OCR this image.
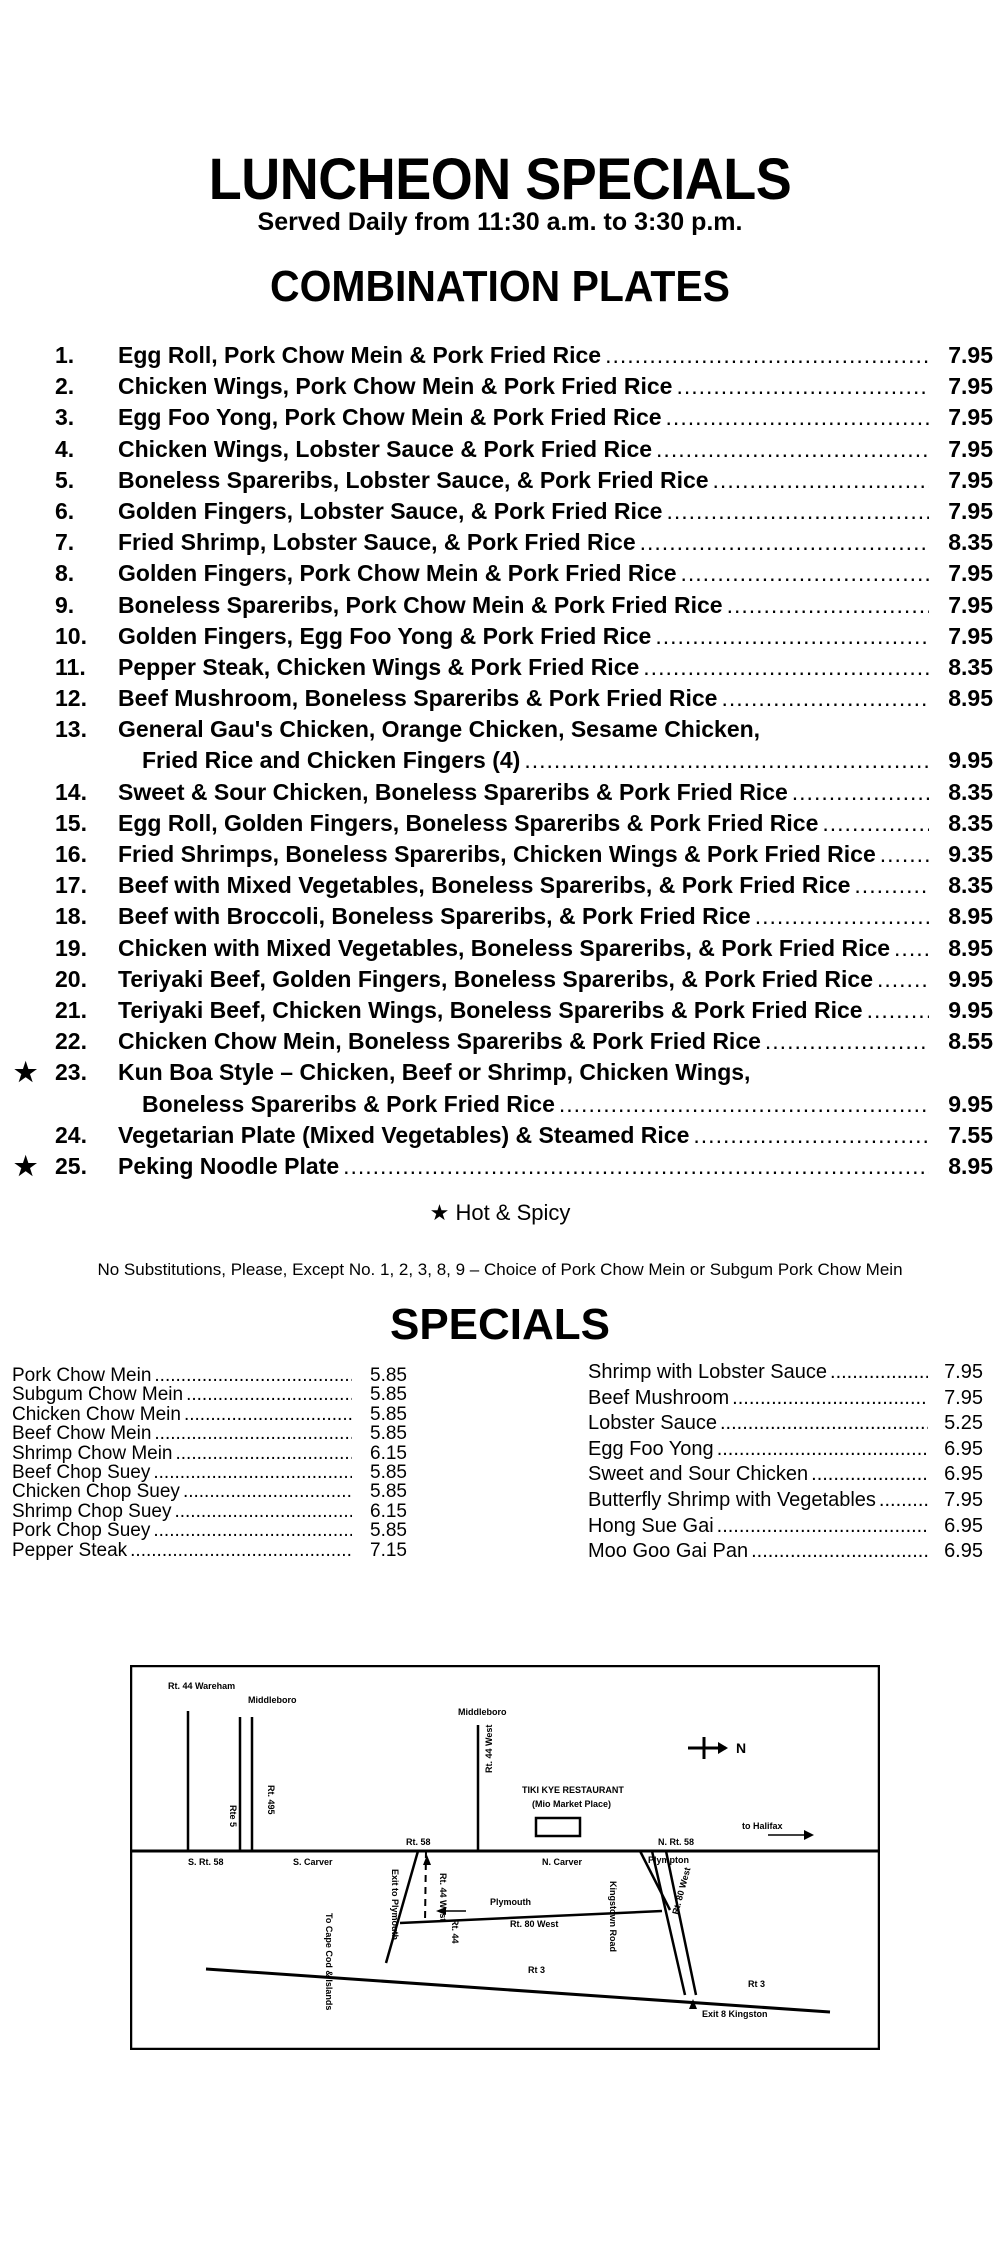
LUNCHEON SPECIALS
Served Daily from 11:30 a.m. to 3:30 p.m.
COMBINATION PLATES
1.	Egg Roll, Pork Chow Mein & Pork Fried Rice .....	7.95
2.	Chicken Wings, Pork Chow Mein & Pork Fried Rice .....	7.95
3.	Egg Foo Yong, Pork Chow Mein & Pork Fried Rice .....	7.95
4.	Chicken Wings, Lobster Sauce & Pork Fried Rice .....	7.95
5.	Boneless Spareribs, Lobster Sauce, & Pork Fried Rice .....	7.95
6.	Golden Fingers, Lobster Sauce, & Pork Fried Rice .....	7.95
7.	Fried Shrimp, Lobster Sauce, & Pork Fried Rice .....	8.35
8.	Golden Fingers, Pork Chow Mein & Pork Fried Rice .....	7.95
9.	Boneless Spareribs, Pork Chow Mein & Pork Fried Rice .....	7.95
10.	Golden Fingers, Egg Foo Yong & Pork Fried Rice .....	7.95
11.	Pepper Steak, Chicken Wings & Pork Fried Rice .....	8.35
12.	Beef Mushroom, Boneless Spareribs & Pork Fried Rice .....	8.95
13.	General Gau's Chicken, Orange Chicken, Sesame Chicken,
Fried Rice and Chicken Fingers (4) .....	9.95
14.	Sweet & Sour Chicken, Boneless Spareribs & Pork Fried Rice .....	8.35
15.	Egg Roll, Golden Fingers, Boneless Spareribs & Pork Fried Rice .....	8.35
16.	Fried Shrimps, Boneless Spareribs, Chicken Wings & Pork Fried Rice .....	9.35
17.	Beef with Mixed Vegetables, Boneless Spareribs, & Pork Fried Rice .....	8.35
18.	Beef with Broccoli, Boneless Spareribs, & Pork Fried Rice .....	8.95
19.	Chicken with Mixed Vegetables, Boneless Spareribs, & Pork Fried Rice .....	8.95
20.	Teriyaki Beef, Golden Fingers, Boneless Spareribs, & Pork Fried Rice .....	9.95
21.	Teriyaki Beef, Chicken Wings, Boneless Spareribs & Pork Fried Rice .....	9.95
22.	Chicken Chow Mein, Boneless Spareribs & Pork Fried Rice .....	8.55
★ 23.	Kun Boa Style – Chicken, Beef or Shrimp, Chicken Wings,
Boneless Spareribs & Pork Fried Rice .....	9.95
24.	Vegetarian Plate (Mixed Vegetables) & Steamed Rice .....	7.55
★ 25.	Peking Noodle Plate .....	8.95
★ Hot & Spicy
No Substitutions, Please, Except No. 1, 2, 3, 8, 9 – Choice of Pork Chow Mein or Subgum Pork Chow Mein
SPECIALS
Pork Chow Mein .....	5.85
Subgum Chow Mein .....	5.85
Chicken Chow Mein .....	5.85
Beef Chow Mein .....	5.85
Shrimp Chow Mein .....	6.15
Beef Chop Suey .....	5.85
Chicken Chop Suey .....	5.85
Shrimp Chop Suey .....	6.15
Pork Chop Suey .....	5.85
Pepper Steak .....	7.15
Shrimp with Lobster Sauce .....	7.95
Beef Mushroom .....	7.95
Lobster Sauce .....	5.25
Egg Foo Yong .....	6.95
Sweet and Sour Chicken .....	6.95
Butterfly Shrimp with Vegetables .....	7.95
Hong Sue Gai .....	6.95
Moo Goo Gai Pan .....	6.95
Rt. 44 Wareham
Middleboro
Middleboro
TIKI KYE RESTAURANT
(Mio Market Place)
Rt. 58	N. Rt. 58
to Halifax
S. Rt. 58	S. Carver	N. Carver	Plympton
Plymouth
Rt. 80 West
Rt 3
Rt 3
Exit 8 Kingston
N
Rt. 495
Rte 5
Rt. 44 West
Kingstown Road
Rt. 44 West
Exit to Plymouth	Rt. 44
To Cape Cod & Islands
Rt. 80 West
